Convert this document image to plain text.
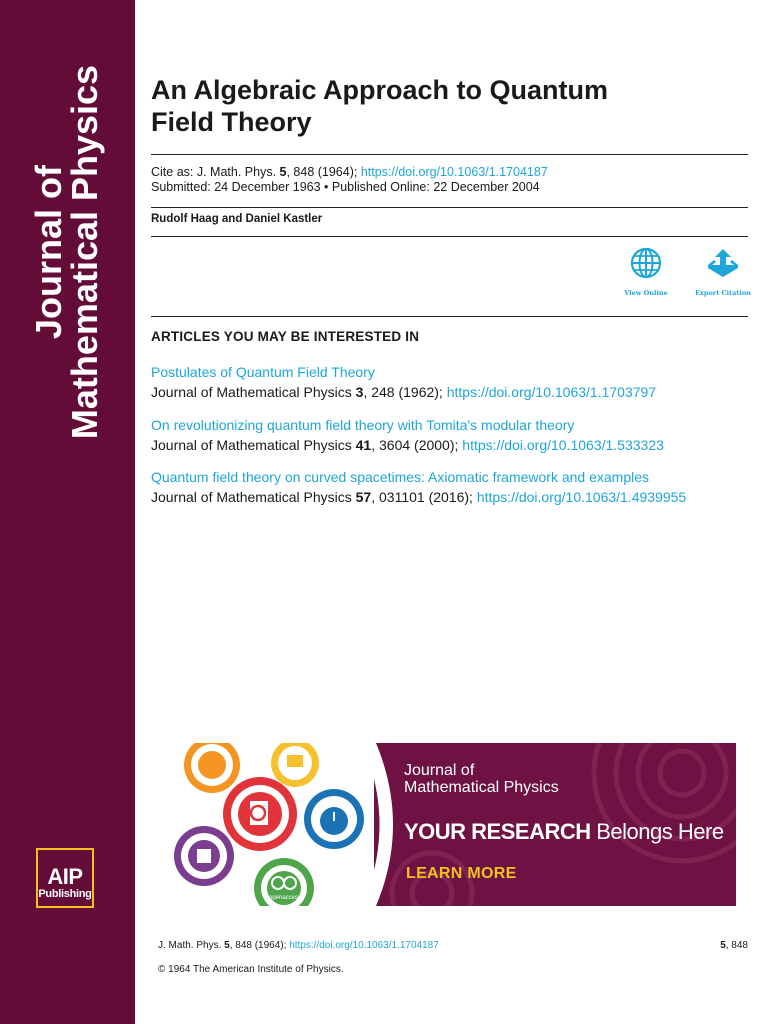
Journal of
Mathematical Physics
AIP
Publishing
An Algebraic Approach to Quantum
Field Theory
Cite as: J. Math. Phys. 5, 848 (1964); https://doi.org/10.1063/1.1704187
Submitted: 24 December 1963 • Published Online: 22 December 2004
Rudolf Haag and Daniel Kastler
View Online	Export Citation
ARTICLES YOU MAY BE INTERESTED IN
Postulates of Quantum Field Theory
Journal of Mathematical Physics 3, 248 (1962); https://doi.org/10.1063/1.1703797
On revolutionizing quantum field theory with Tomita's modular theory
Journal of Mathematical Physics 41, 3604 (2000); https://doi.org/10.1063/1.533323
Quantum field theory on curved spacetimes: Axiomatic framework and examples
Journal of Mathematical Physics 57, 031101 (2016); https://doi.org/10.1063/1.4939955
openaccess
Journal of
Mathematical Physics
YOUR RESEARCH Belongs Here
LEARN MORE
J. Math. Phys. 5, 848 (1964); https://doi.org/10.1063/1.1704187	5, 848
© 1964 The American Institute of Physics.
